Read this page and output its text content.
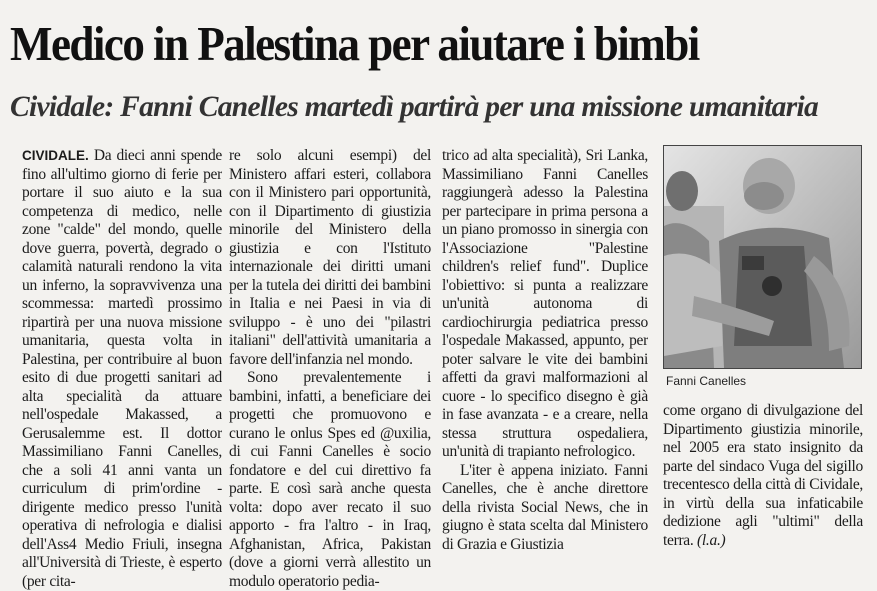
Medico in Palestina per aiutare i bimbi
Cividale: Fanni Canelles martedì partirà per una missione umanitaria

CIVIDALE. Da dieci anni spende fino all'ultimo giorno di ferie per portare il suo aiuto e la sua competenza di medico, nelle zone "calde" del mondo, quelle dove guerra, povertà, degrado o calamità naturali rendono la vita un inferno, la sopravvivenza una scommessa: martedì prossimo ripartirà per una nuova missione umanitaria, questa volta in Palestina, per contribuire al buon esito di due progetti sanitari ad alta specialità da attuare nell'ospedale Makassed, a Gerusalemme est. Il dottor Massimiliano Fanni Canelles, che a soli 41 anni vanta un curriculum di prim'ordine - dirigente medico presso l'unità operativa di nefrologia e dialisi dell'Ass4 Medio Friuli, insegna all'Università di Trieste, è esperto (per cita-

re solo alcuni esempi) del Ministero affari esteri, collabora con il Ministero pari opportunità, con il Dipartimento di giustizia minorile del Ministero della giustizia e con l'Istituto internazionale dei diritti umani per la tutela dei diritti dei bambini in Italia e nei Paesi in via di sviluppo - è uno dei "pilastri italiani" dell'attività umanitaria a favore dell'infanzia nel mondo.

Sono prevalentemente i bambini, infatti, a beneficiare dei progetti che promuovono e curano le onlus Spes ed @uxilia, di cui Fanni Canelles è socio fondatore e del cui direttivo fa parte. E così sarà anche questa volta: dopo aver recato il suo apporto - fra l'altro - in Iraq, Afghanistan, Africa, Pakistan (dove a giorni verrà allestito un modulo operatorio pedia-

trico ad alta specialità), Sri Lanka, Massimiliano Fanni Canelles raggiungerà adesso la Palestina per partecipare in prima persona a un piano promosso in sinergia con l'Associazione "Palestine children's relief fund". Duplice l'obiettivo: si punta a realizzare un'unità autonoma di cardiochirurgia pediatrica presso l'ospedale Makassed, appunto, per poter salvare le vite dei bambini affetti da gravi malformazioni al cuore - lo specifico disegno è già in fase avanzata - e a creare, nella stessa struttura ospedaliera, un'unità di trapianto nefrologico.

L'iter è appena iniziato. Fanni Canelles, che è anche direttore della rivista Social News, che in giugno è stata scelta dal Ministero di Grazia e Giustizia

Fanni Canelles

come organo di divulgazione del Dipartimento giustizia minorile, nel 2005 era stato insignito da parte del sindaco Vuga del sigillo trecentesco della città di Cividale, in virtù della sua infaticabile dedizione agli "ultimi" della terra. (l.a.)
